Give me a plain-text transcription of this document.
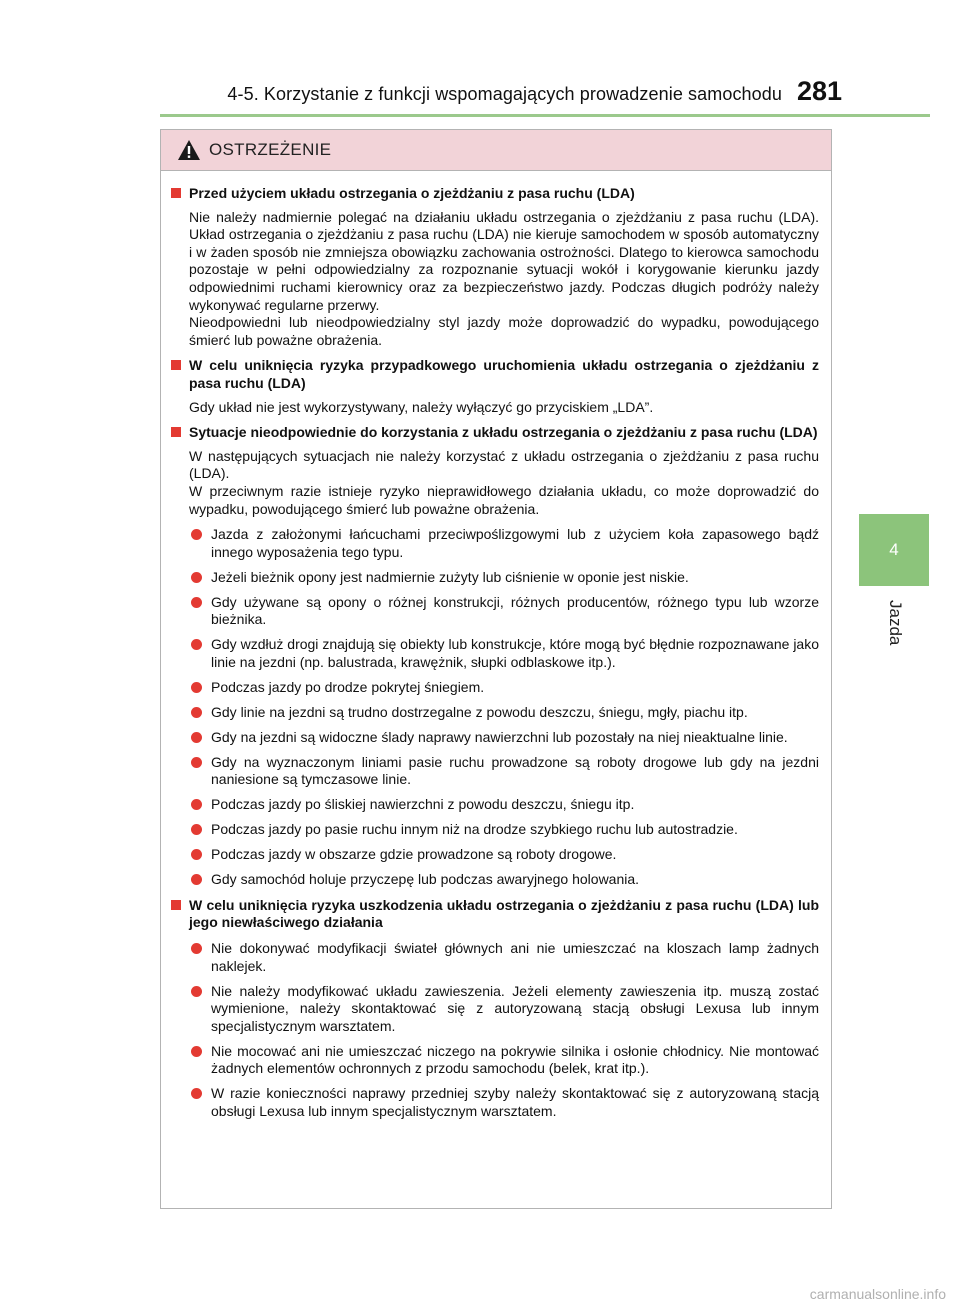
4-5. Korzystanie z funkcji wspomagających prowadzenie samochodu 281
4
Jazda
OSTRZEŻENIE
Przed użyciem układu ostrzegania o zjeżdżaniu z pasa ruchu (LDA)

Nie należy nadmiernie polegać na działaniu układu ostrzegania o zjeżdżaniu z pasa ruchu (LDA). Układ ostrzegania o zjeżdżaniu z pasa ruchu (LDA) nie kieruje samochodem w sposób automatyczny i w żaden sposób nie zmniejsza obowiązku zachowania ostrożności. Dlatego to kierowca samochodu pozostaje w pełni odpowiedzialny za rozpoznanie sytuacji wokół i korygowanie kierunku jazdy odpowiednimi ruchami kierownicy oraz za bezpieczeństwo jazdy. Podczas długich podróży należy wykonywać regularne przerwy.

Nieodpowiedni lub nieodpowiedzialny styl jazdy może doprowadzić do wypadku, powodującego śmierć lub poważne obrażenia.

W celu uniknięcia ryzyka przypadkowego uruchomienia układu ostrzegania o zjeżdżaniu z pasa ruchu (LDA)

Gdy układ nie jest wykorzystywany, należy wyłączyć go przyciskiem „LDA”.

Sytuacje nieodpowiednie do korzystania z układu ostrzegania o zjeżdżaniu z pasa ruchu (LDA)

W następujących sytuacjach nie należy korzystać z układu ostrzegania o zjeżdżaniu z pasa ruchu (LDA).

W przeciwnym razie istnieje ryzyko nieprawidłowego działania układu, co może doprowadzić do wypadku, powodującego śmierć lub poważne obrażenia.

Jazda z założonymi łańcuchami przeciwpoślizgowymi lub z użyciem koła zapasowego bądź innego wyposażenia tego typu.
Jeżeli bieżnik opony jest nadmiernie zużyty lub ciśnienie w oponie jest niskie.
Gdy używane są opony o różnej konstrukcji, różnych producentów, różnego typu lub wzorze bieżnika.
Gdy wzdłuż drogi znajdują się obiekty lub konstrukcje, które mogą być błędnie rozpoznawane jako linie na jezdni (np. balustrada, krawężnik, słupki odblaskowe itp.).
Podczas jazdy po drodze pokrytej śniegiem.
Gdy linie na jezdni są trudno dostrzegalne z powodu deszczu, śniegu, mgły, piachu itp.
Gdy na jezdni są widoczne ślady naprawy nawierzchni lub pozostały na niej nieaktualne linie.
Gdy na wyznaczonym liniami pasie ruchu prowadzone są roboty drogowe lub gdy na jezdni naniesione są tymczasowe linie.
Podczas jazdy po śliskiej nawierzchni z powodu deszczu, śniegu itp.
Podczas jazdy po pasie ruchu innym niż na drodze szybkiego ruchu lub autostradzie.
Podczas jazdy w obszarze gdzie prowadzone są roboty drogowe.
Gdy samochód holuje przyczepę lub podczas awaryjnego holowania.
W celu uniknięcia ryzyka uszkodzenia układu ostrzegania o zjeżdżaniu z pasa ruchu (LDA) lub jego niewłaściwego działania
Nie dokonywać modyfikacji świateł głównych ani nie umieszczać na kloszach lamp żadnych naklejek.
Nie należy modyfikować układu zawieszenia. Jeżeli elementy zawieszenia itp. muszą zostać wymienione, należy skontaktować się z autoryzowaną stacją obsługi Lexusa lub innym specjalistycznym warsztatem.
Nie mocować ani nie umieszczać niczego na pokrywie silnika i osłonie chłodnicy. Nie montować żadnych elementów ochronnych z przodu samochodu (belek, krat itp.).
W razie konieczności naprawy przedniej szyby należy skontaktować się z autoryzowaną stacją obsługi Lexusa lub innym specjalistycznym warsztatem.
carmanualsonline.info
